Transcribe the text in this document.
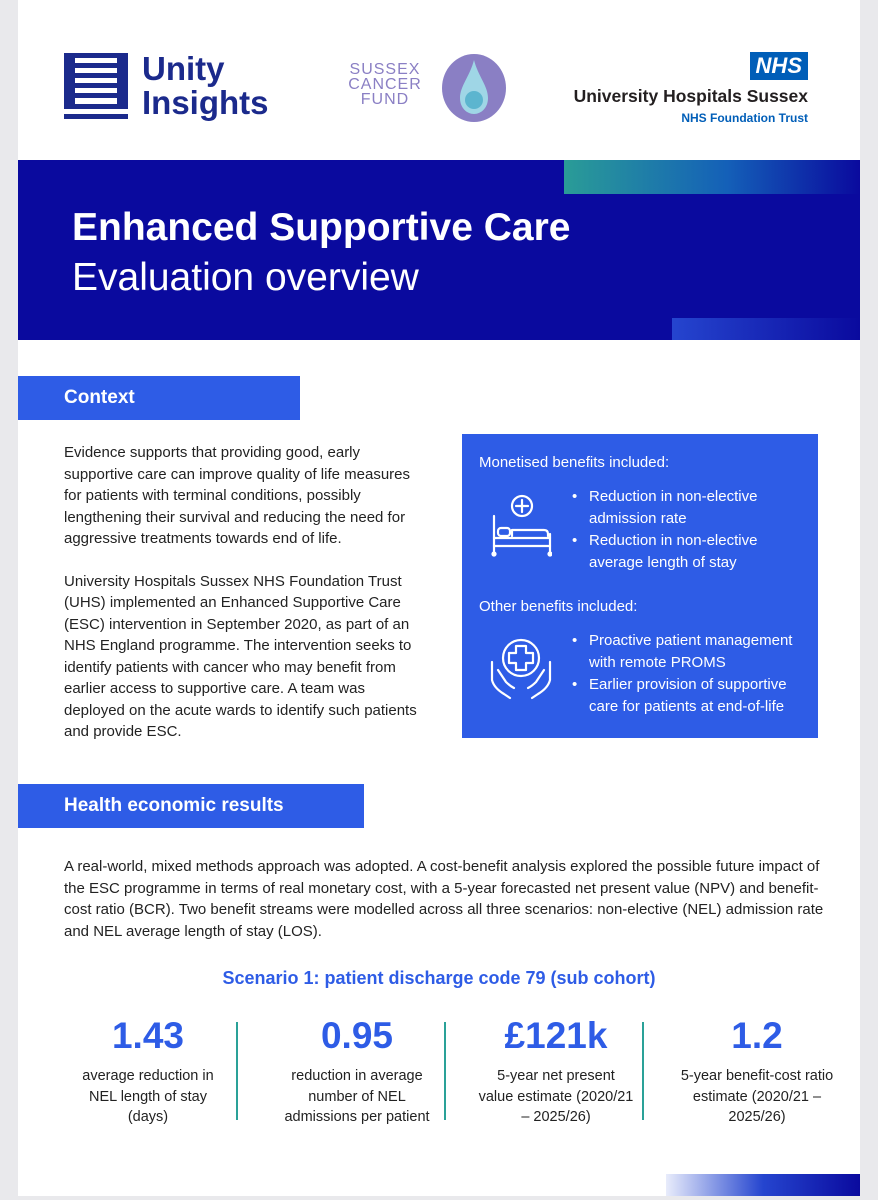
Unity
Insights
SUSSEX
CANCER
FUND
NHS
University Hospitals Sussex
NHS Foundation Trust
Enhanced Supportive Care
Evaluation overview
Context

Evidence supports that providing good, early supportive care can improve quality of life measures for patients with terminal conditions, possibly lengthening their survival and reducing the need for aggressive treatments towards end of life.

University Hospitals Sussex NHS Foundation Trust (UHS) implemented an Enhanced Supportive Care (ESC) intervention in September 2020, as part of an NHS England programme. The intervention seeks to identify patients with cancer who may benefit from earlier access to supportive care. A team was deployed on the acute wards to identify such patients and provide ESC.

Monetised benefits included:
• Reduction in non-elective admission rate
• Reduction in non-elective average length of stay
Other benefits included:
• Proactive patient management with remote PROMS
• Earlier provision of supportive care for patients at end-of-life
Health economic results

A real-world, mixed methods approach was adopted. A cost-benefit analysis explored the possible future impact of the ESC programme in terms of real monetary cost, with a 5-year forecasted net present value (NPV) and benefit-cost ratio (BCR). Two benefit streams were modelled across all three scenarios: non-elective (NEL) admission rate and NEL average length of stay (LOS).

Scenario 1: patient discharge code 79 (sub cohort)
1.43
average reduction in NEL length of stay (days)
0.95
reduction in average number of NEL admissions per patient
£121k
5-year net present value estimate (2020/21 – 2025/26)
1.2
5-year benefit-cost ratio estimate (2020/21 – 2025/26)
